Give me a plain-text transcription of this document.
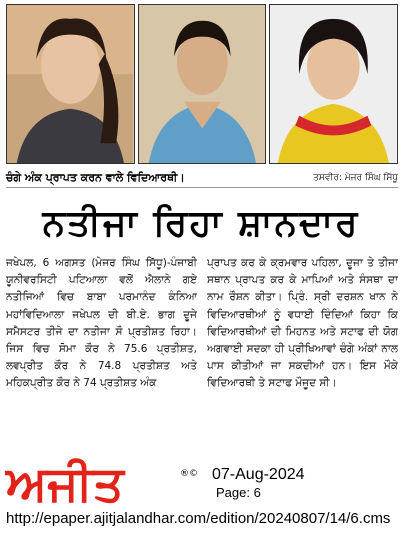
ਚੰਗੇ ਅੰਕ ਪ੍ਰਾਪਤ ਕਰਨ ਵਾਲੇ ਵਿਦਿਆਰਥੀ।	ਤਸਵੀਰ: ਮੇਜਰ ਸਿੰਘ ਸਿੱਧੂ
ਨਤੀਜਾ ਰਿਹਾ ਸ਼ਾਨਦਾਰ
ਜਖੇਪਲ, 6 ਅਗਸਤ (ਮੇਜਰ ਸਿੰਘ ਸਿੱਧੂ)-ਪੰਜਾਬੀ ਯੂਨੀਵਰਸਿਟੀ ਪਟਿਆਲਾ ਵਲੋਂ ਐਲਾਨੇ ਗਏ ਨਤੀਜਿਆਂ ਵਿਚ ਬਾਬਾ ਪਰਮਾਨੰਦ ਕੰਨਿਆ ਮਹਾਂਵਿਦਿਆਲਾ ਜਖੇਪਲ ਦੀ ਬੀ.ਏ. ਭਾਗ ਦੂਜੇ ਸਮੈਸਟਰ ਤੀਜੇ ਦਾ ਨਤੀਜਾ ਸੌ ਪ੍ਰਤੀਸ਼ਤ ਰਿਹਾ। ਜਿਸ ਵਿਚ ਸੋਮਾ ਕੌਰ ਨੇ 75.6 ਪ੍ਰਤੀਸ਼ਤ, ਲਵਪ੍ਰੀਤ ਕੌਰ ਨੇ 74.8 ਪ੍ਰਤੀਸ਼ਤ ਅਤੇ ਮਹਿਕਪ੍ਰੀਤ ਕੌਰ ਨੇ 74 ਪ੍ਰਤੀਸ਼ਤ ਅੰਕ
ਪ੍ਰਾਪਤ ਕਰ ਕੇ ਕ੍ਰਮਵਾਰ ਪਹਿਲਾ, ਦੂਜਾ ਤੇ ਤੀਜਾ ਸਥਾਨ ਪ੍ਰਾਪਤ ਕਰ ਕੇ ਮਾਪਿਆਂ ਅਤੇ ਸੰਸਥਾ ਦਾ ਨਾਮ ਰੌਸ਼ਨ ਕੀਤਾ। ਪ੍ਰਿੰ. ਸ੍ਰੀ ਦਰਸ਼ਨ ਖਾਨ ਨੇ ਵਿਦਿਆਰਥੀਆਂ ਨੂੰ ਵਧਾਈ ਦਿੰਦਿਆਂ ਕਿਹਾ ਕਿ ਵਿਦਿਆਰਥੀਆਂ ਦੀ ਮਿਹਨਤ ਅਤੇ ਸਟਾਫ ਦੀ ਯੋਗ ਅਗਵਾਈ ਸਦਕਾ ਹੀ ਪ੍ਰੀਖਿਆਵਾਂ ਚੰਗੇ ਅੰਕਾਂ ਨਾਲ ਪਾਸ ਕੀਤੀਆਂ ਜਾ ਸਕਦੀਆਂ ਹਨ। ਇਸ ਮੌਕੇ ਵਿਦਿਆਰਥੀ ਤੇ ਸਟਾਫ ਮੌਜੂਦ ਸੀ।
ਅਜੀਤ	®© 07-Aug-2024
Page: 6
http://epaper.ajitjalandhar.com/edition/20240807/14/6.cms
